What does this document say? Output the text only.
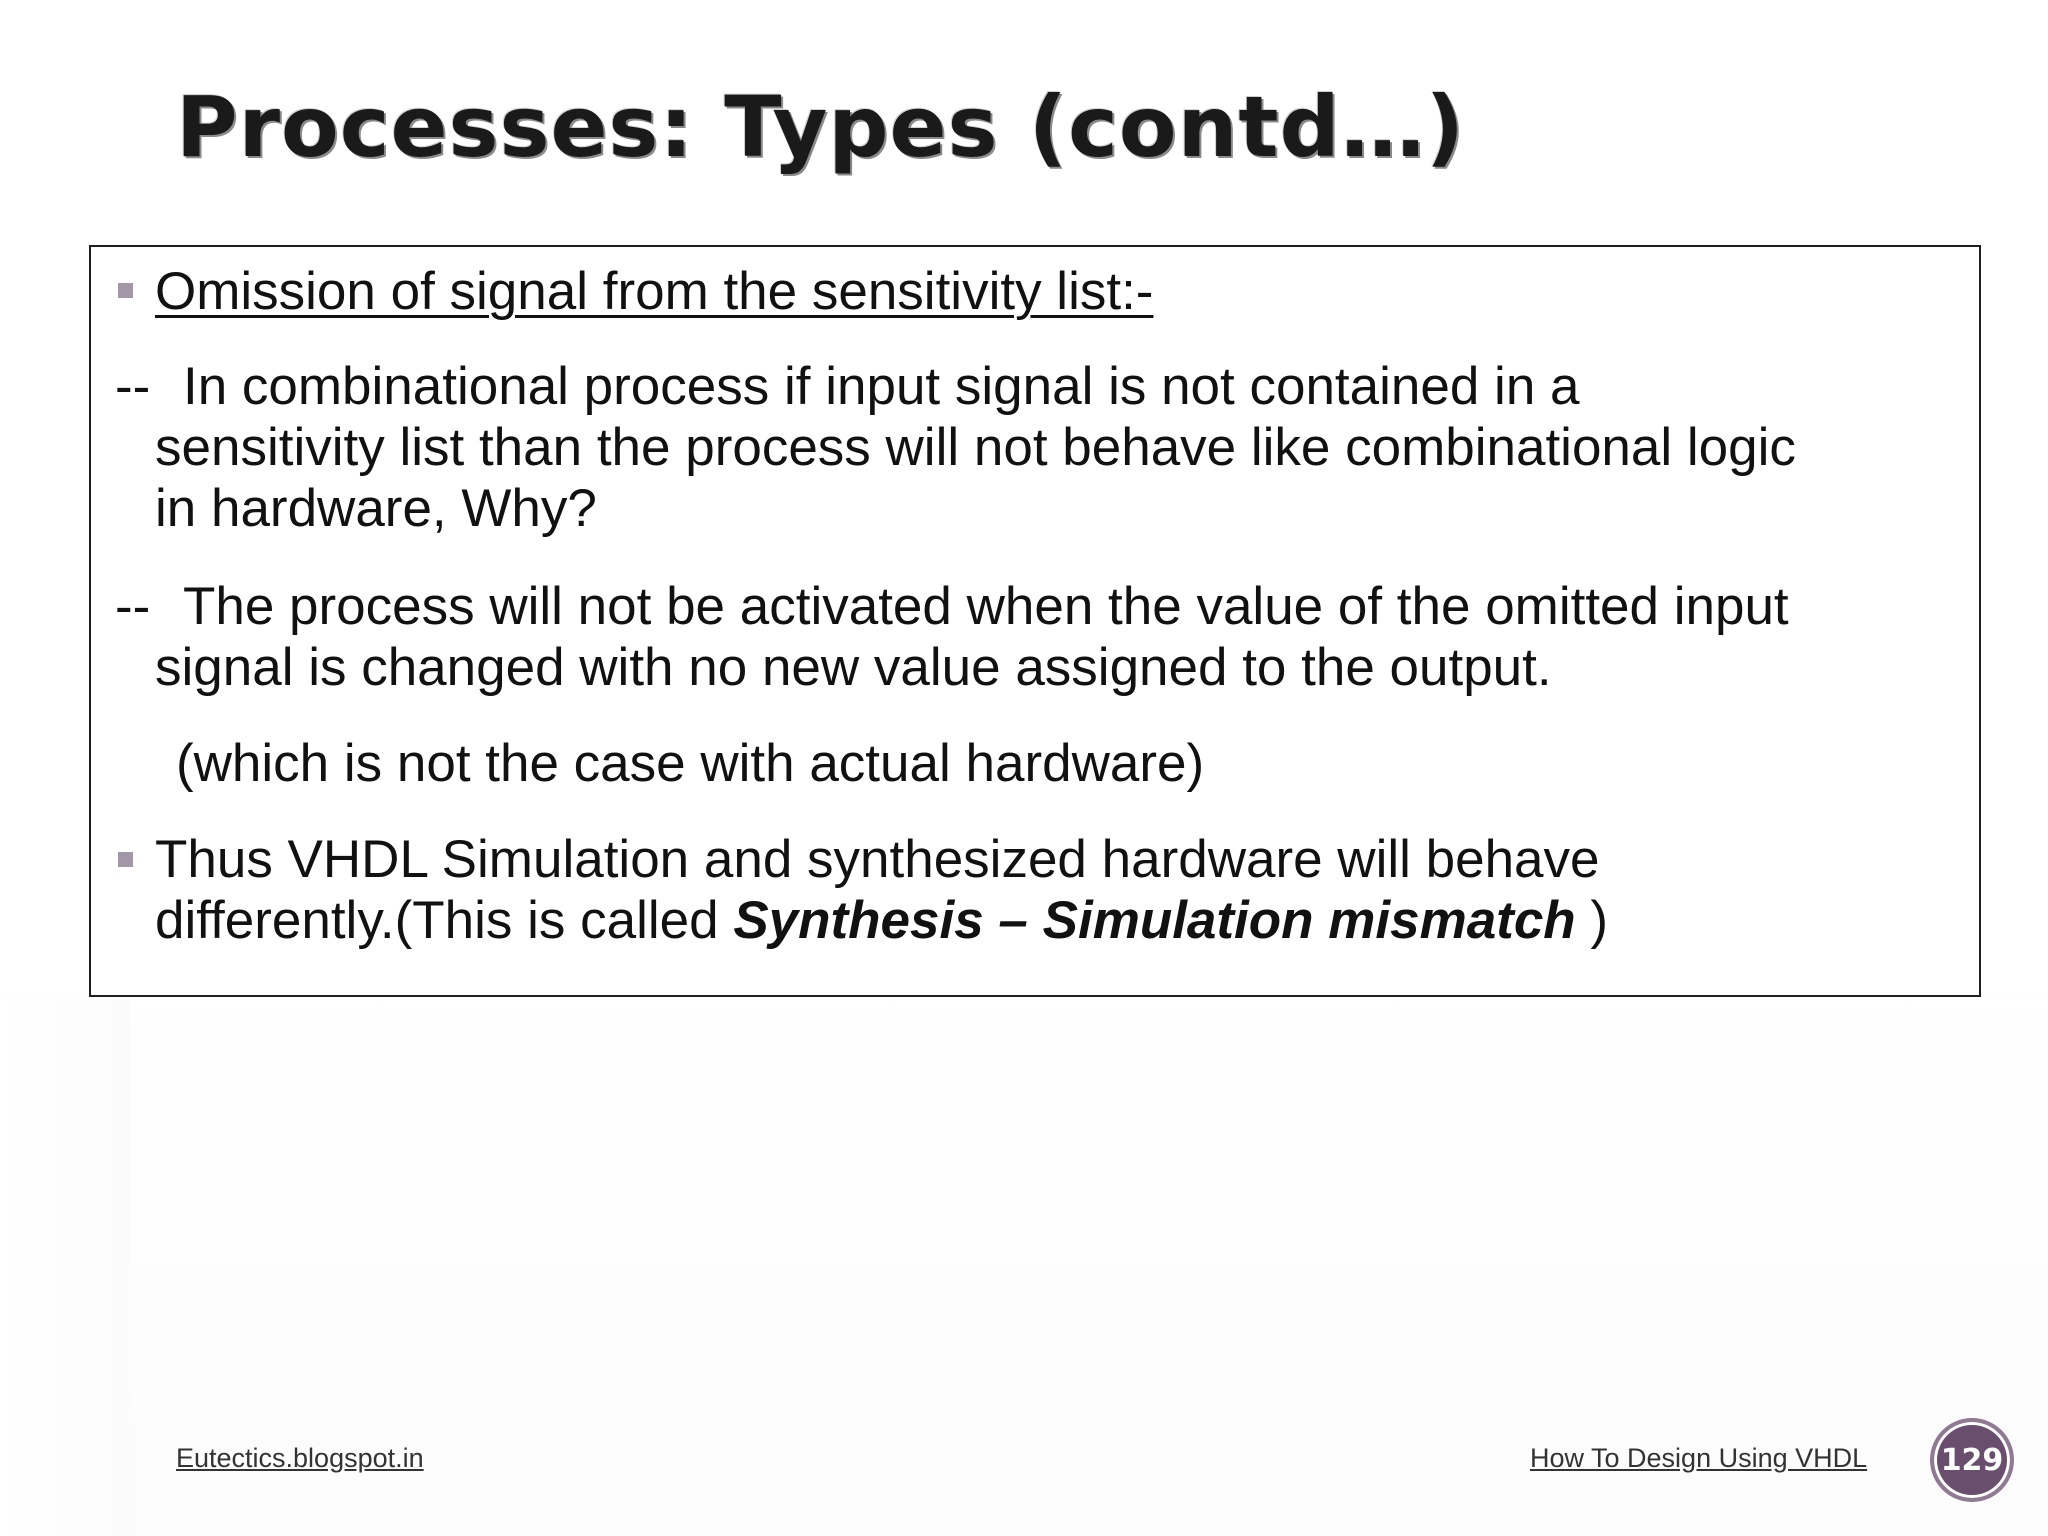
Processes: Types (contd…)
Omission of signal from the sensitivity list:-
-- In combinational process if input signal is not contained in a
sensitivity list than the process will not behave like combinational logic
in hardware, Why?
-- The process will not be activated when the value of the omitted input
signal is changed with no new value assigned to the output.
(which is not the case with actual hardware)
Thus VHDL Simulation and synthesized hardware will behave
differently.(This is called Synthesis – Simulation mismatch )
Eutectics.blogspot.in	How To Design Using VHDL 129
